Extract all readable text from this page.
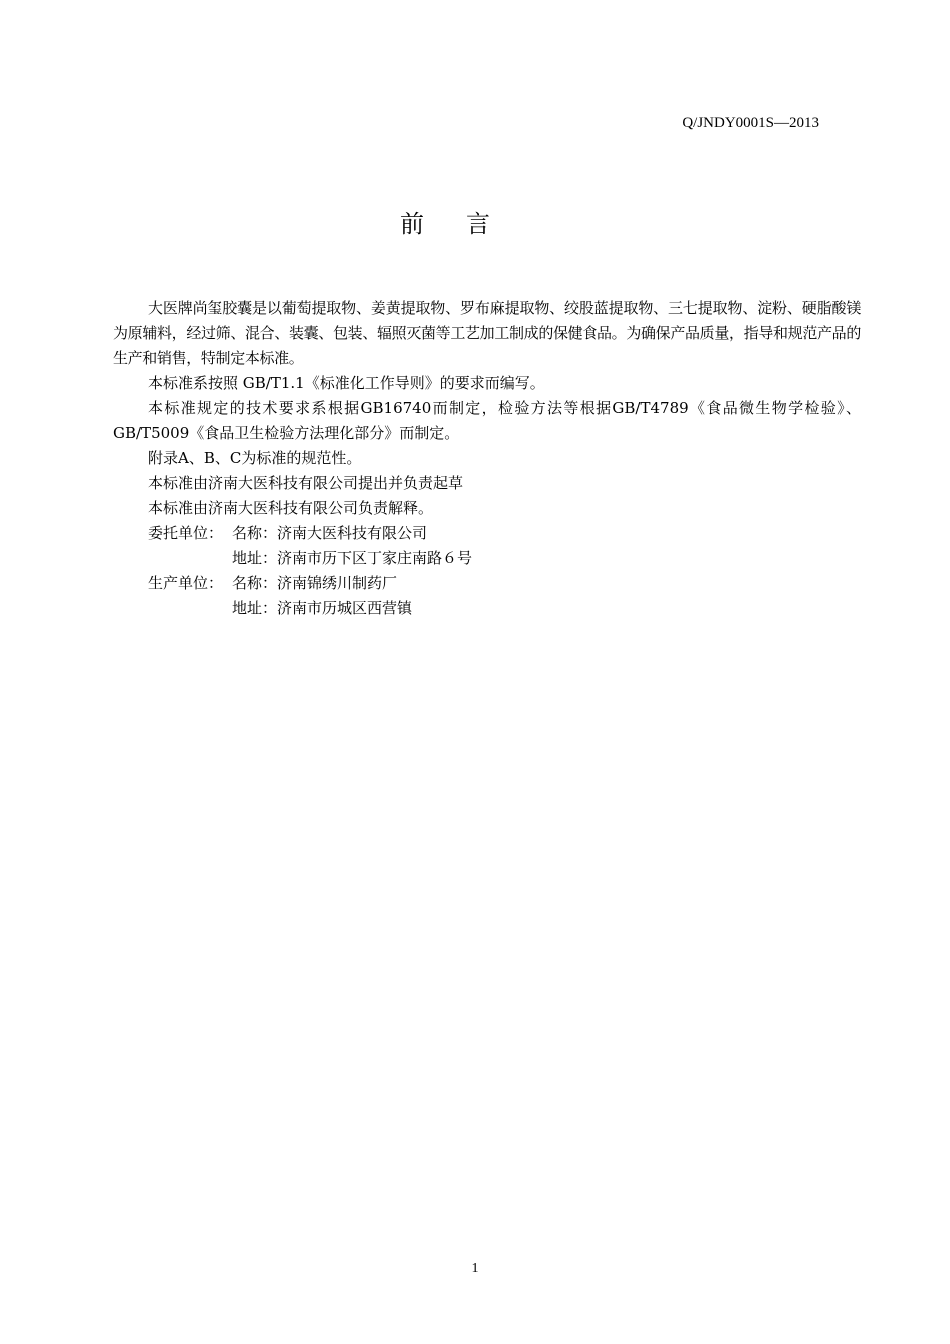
Q/JNDY0001S—2013
前言

大医牌尚玺胶囊是以葡萄提取物、姜黄提取物、罗布麻提取物、绞股蓝提取物、三七提取物、淀粉、硬脂酸镁为原辅料，经过筛、混合、装囊、包装、辐照灭菌等工艺加工制成的保健食品。为确保产品质量，指导和规范产品的生产和销售，特制定本标准。

本标准系按照 GB/T1.1《标准化工作导则》的要求而编写。

本标准规定的技术要求系根据GB16740而制定，检验方法等根据GB/T4789《食品微生物学检验》、GB/T5009《食品卫生检验方法理化部分》而制定。

附录A、B、C为标准的规范性。

本标准由济南大医科技有限公司提出并负责起草

本标准由济南大医科技有限公司负责解释。

委托单位： 名称：济南大医科技有限公司
地址：济南市历下区丁家庄南路６号
生产单位： 名称：济南锦绣川制药厂
地址：济南市历城区西营镇
1
